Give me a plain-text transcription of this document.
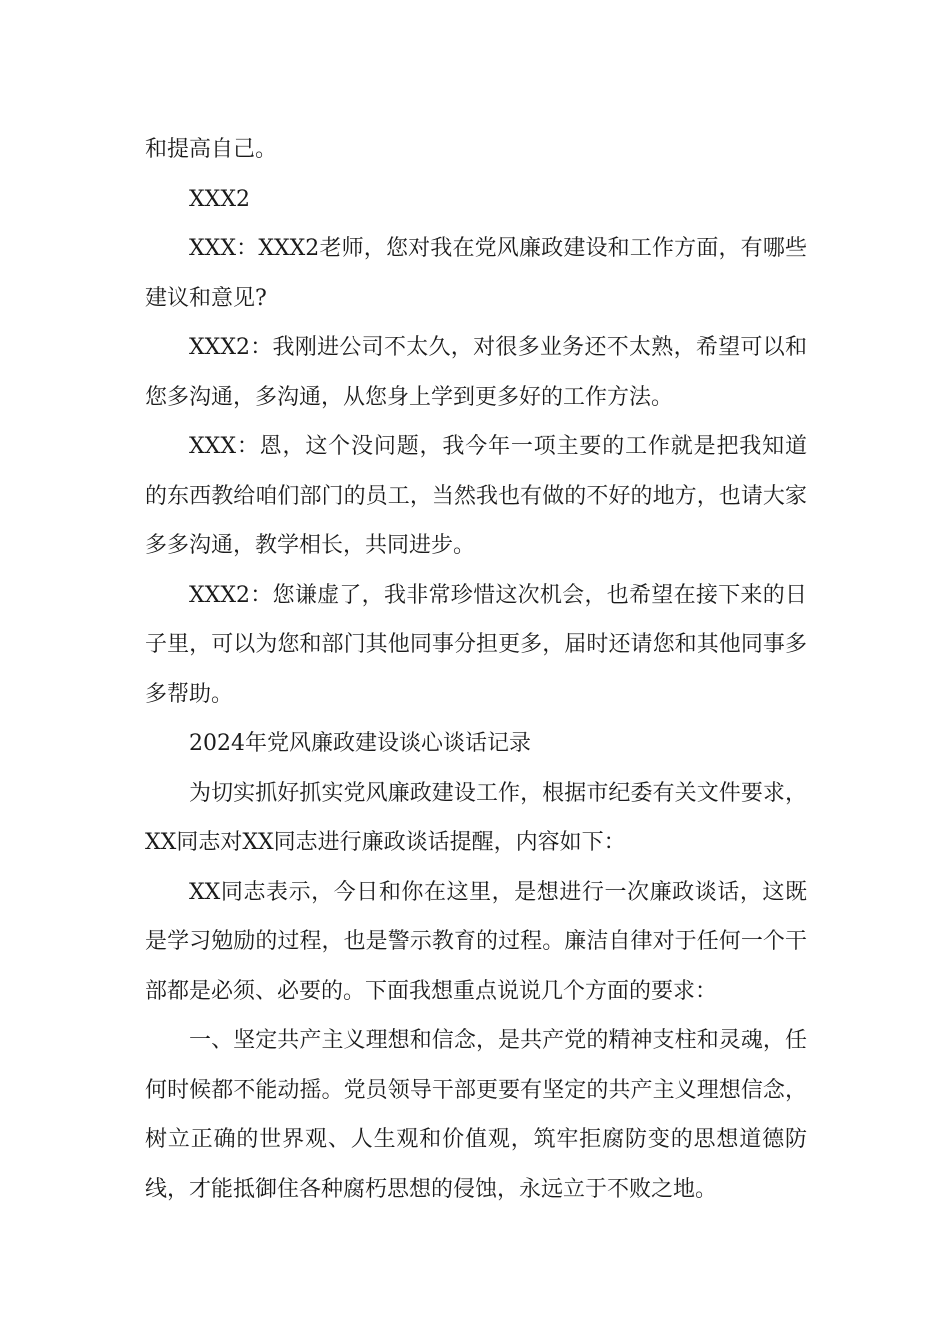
和提高自己。

XXX2

XXX：XXX2老师，您对我在党风廉政建设和工作方面，有哪些建议和意见?

XXX2：我刚进公司不太久，对很多业务还不太熟，希望可以和您多沟通，多沟通，从您身上学到更多好的工作方法。

XXX：恩，这个没问题，我今年一项主要的工作就是把我知道的东西教给咱们部门的员工，当然我也有做的不好的地方，也请大家多多沟通，教学相长，共同进步。

XXX2：您谦虚了，我非常珍惜这次机会，也希望在接下来的日子里，可以为您和部门其他同事分担更多，届时还请您和其他同事多多帮助。

2024年党风廉政建设谈心谈话记录

为切实抓好抓实党风廉政建设工作，根据市纪委有关文件要求，XX同志对XX同志进行廉政谈话提醒，内容如下：

XX同志表示，今日和你在这里，是想进行一次廉政谈话，这既是学习勉励的过程，也是警示教育的过程。廉洁自律对于任何一个干部都是必须、必要的。下面我想重点说说几个方面的要求：

一、坚定共产主义理想和信念，是共产党的精神支柱和灵魂，任何时候都不能动摇。党员领导干部更要有坚定的共产主义理想信念，树立正确的世界观、人生观和价值观，筑牢拒腐防变的思想道德防线，才能抵御住各种腐朽思想的侵蚀，永远立于不败之地。
